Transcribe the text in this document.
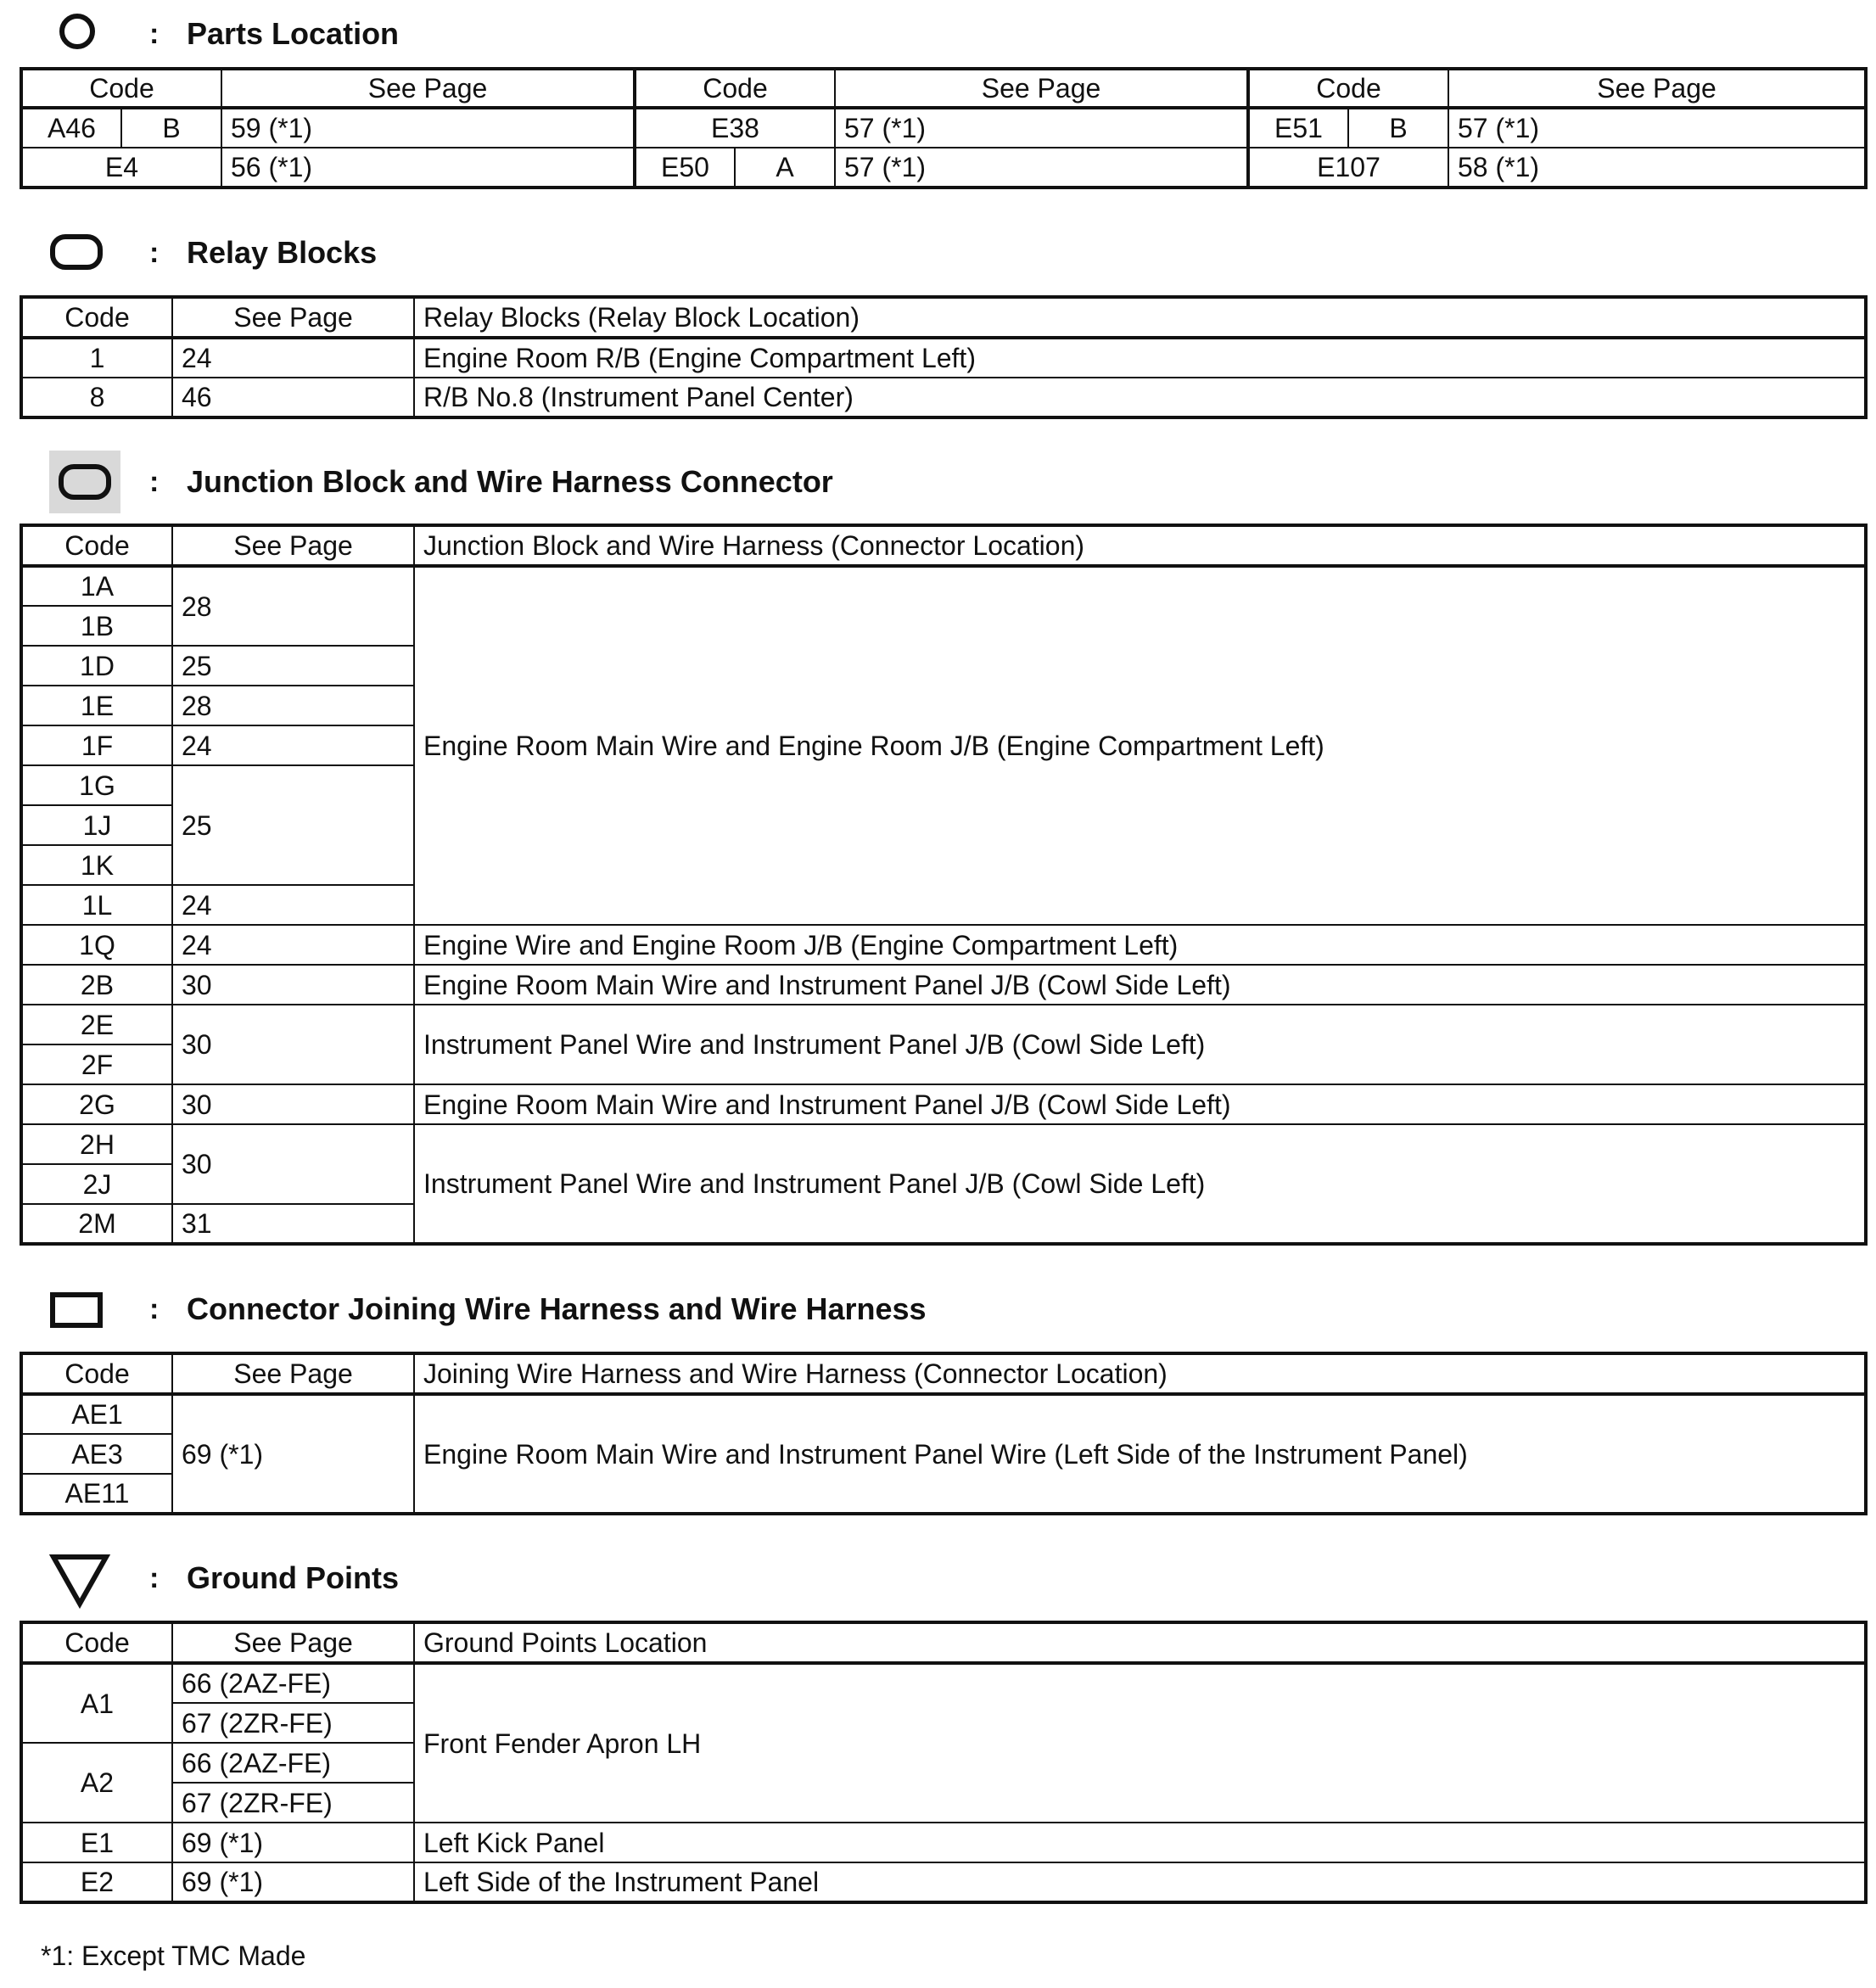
: Parts Location
Code		See Page	Code		See Page	Code		See Page
A46	B	59 (*1)	E38		57 (*1)	E51	B	57 (*1)
E4		56 (*1)	E50	A	57 (*1)	E107		58 (*1)
: Relay Blocks
Code	See Page	Relay Blocks (Relay Block Location)
1	24	Engine Room R/B (Engine Compartment Left)
8	46	R/B No.8 (Instrument Panel Center)
: Junction Block and Wire Harness Connector
Code	See Page	Junction Block and Wire Harness (Connector Location)
1A	28	Engine Room Main Wire and Engine Room J/B (Engine Compartment Left)
1B		
1D	25	
1E	28	
1F	24	
1G	25	
1J		
1K		
1L	24	
1Q	24	Engine Wire and Engine Room J/B (Engine Compartment Left)
2B	30	Engine Room Main Wire and Instrument Panel J/B (Cowl Side Left)
2E	30	Instrument Panel Wire and Instrument Panel J/B (Cowl Side Left)
2F		
2G	30	Engine Room Main Wire and Instrument Panel J/B (Cowl Side Left)
2H	30	Instrument Panel Wire and Instrument Panel J/B (Cowl Side Left)
2J		
2M	31	
: Connector Joining Wire Harness and Wire Harness
Code	See Page	Joining Wire Harness and Wire Harness (Connector Location)
AE1	69 (*1)	Engine Room Main Wire and Instrument Panel Wire (Left Side of the Instrument Panel)
AE3		
AE11		
: Ground Points
Code	See Page	Ground Points Location
A1	66 (2AZ-FE)	Front Fender Apron LH
	67 (2ZR-FE)	
A2	66 (2AZ-FE)	
	67 (2ZR-FE)	
E1	69 (*1)	Left Kick Panel
E2	69 (*1)	Left Side of the Instrument Panel
*1: Except TMC Made
